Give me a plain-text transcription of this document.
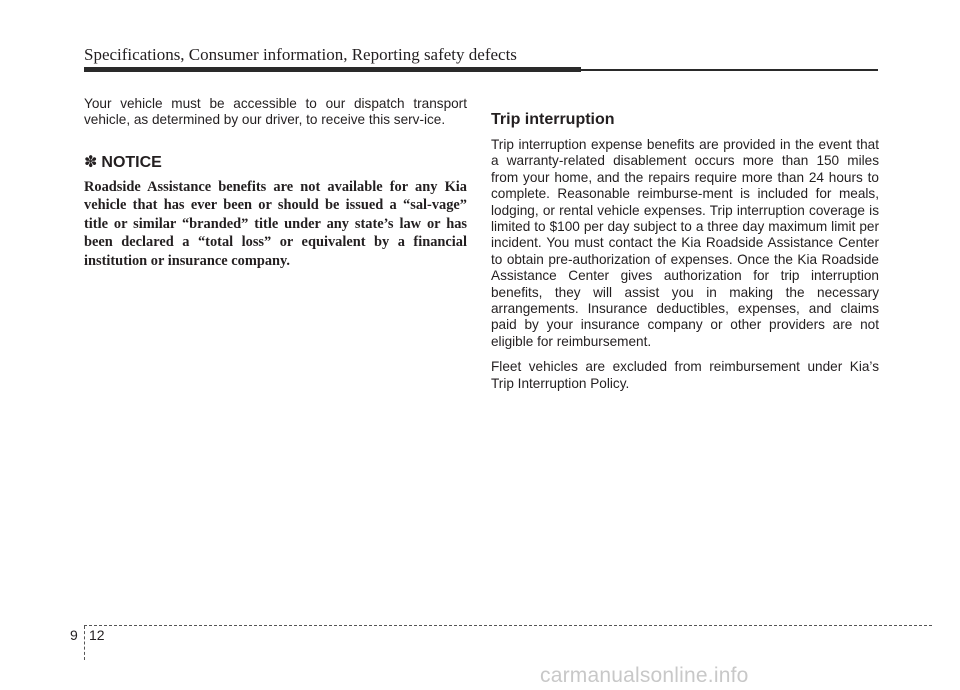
Specifications, Consumer information, Reporting safety defects

Your vehicle must be accessible to our dispatch transport vehicle, as determined by our driver, to receive this serv-ice.

✽ NOTICE

Roadside Assistance benefits are not available for any Kia vehicle that has ever been or should be issued a “sal-vage” title or similar “branded” title under any state’s law or has been declared a “total loss” or equivalent by a financial institution or insurance company.

Trip interruption

Trip interruption expense benefits are provided in the event that a warranty-related disablement occurs more than 150 miles from your home, and the repairs require more than 24 hours to complete. Reasonable reimburse-ment is included for meals, lodging, or rental vehicle expenses. Trip interruption coverage is limited to $100 per day subject to a three day maximum limit per incident. You must contact the Kia Roadside Assistance Center to obtain pre-authorization of expenses. Once the Kia Roadside Assistance Center gives authorization for trip interruption benefits, they will assist you in making the necessary arrangements. Insurance deductibles, expenses, and claims paid by your insurance company or other providers are not eligible for reimbursement.

Fleet vehicles are excluded from reimbursement under Kia’s Trip Interruption Policy.

9 12
carmanualsonline.info
